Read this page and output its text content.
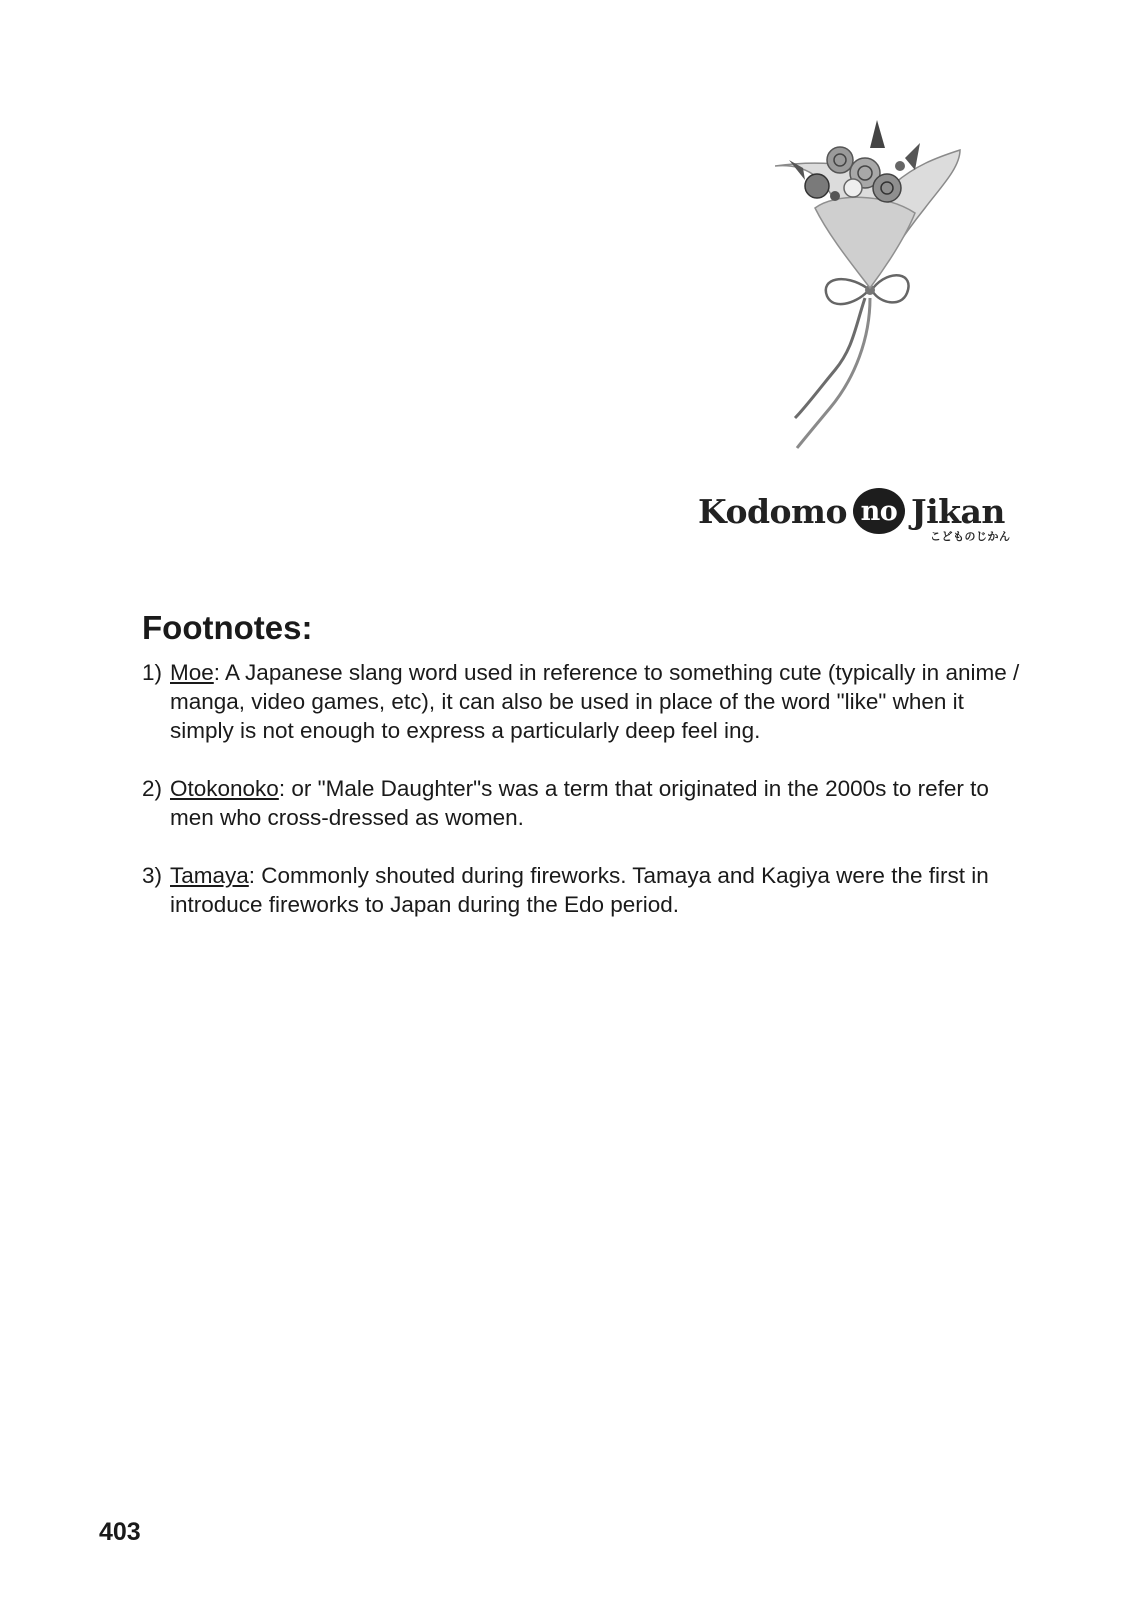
Kodomo no Jikan
こどものじかん
Footnotes:
1) Moe: A Japanese slang word used in reference to something cute (typically in anime / manga, video games, etc), it can also be used in place of the word "like" when it simply is not enough to express a particularly deep feel ing.
2) Otokonoko: or "Male Daughter"s was a term that originated in the 2000s to refer to men who cross-dressed as women.
3) Tamaya: Commonly shouted during fireworks. Tamaya and Kagiya were the first in introduce fireworks to Japan during the Edo period.
403
